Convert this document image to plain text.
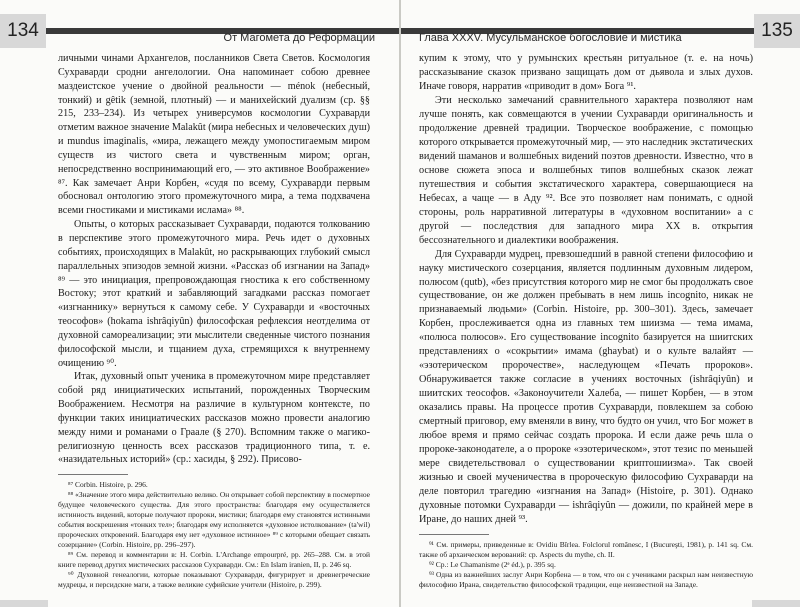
134	От Магомета до Реформации

личными чинами Архангелов, посланников Света Светов. Космология Сухраварди сродни ангелологии. Она напоминает собою древнее маздеистское учение о двойной реальности — ménok (небесный, тонкий) и gêtik (земной, плотный) — и манихейский дуализм (ср. §§ 215, 233–234). Из четырех универсумов космологии Сухраварди отметим важное значение Malakût (мира небесных и человеческих душ) и mundus imaginalis, «мира, лежащего между умопостигаемым миром существ из чистого света и чувственным миром; орган, непосредственно воспринимающий его, — это активное Воображение» ⁸⁷. Как замечает Анри Корбен, «судя по всему, Сухраварди первым обосновал онтологию этого промежуточного мира, а тема подхвачена всеми гностиками и мистиками ислама» ⁸⁸.

Опыты, о которых рассказывает Сухраварди, подаются толкованию в перспективе этого промежуточного мира. Речь идет о духовных событиях, происходящих в Malakût, но раскрывающих глубокий смысл параллельных эпизодов земной жизни. «Рассказ об изгнании на Запад» ⁸⁹ — это инициация, препровождающая гностика к его собственному Востоку; этот краткий и забавляющий загадками рассказ помогает «изгнаннику» вернуться к самому себе. У Сухраварди и «восточных теософов» (hokama ishrâqiyûn) философская рефлексия неотделима от духовной самореализации; эти мыслители сведенные чистого познания философской мысли, и тщанием духа, стремящихся к внутреннему очищению ⁹⁰.

Итак, духовный опыт ученика в промежуточном мире представляет собой ряд инициатических испытаний, порожденных Творческим Воображением. Несмотря на различие в культурном контексте, по функции таких инициатических рассказов можно провести аналогию между ними и романами о Граале (§ 270). Вспомним также о магико-религиозную ценность всех рассказов традиционного типа, т. е. «назидательных историй» (ср.: хасиды, § 292). Присово-

⁸⁷ Corbin. Histoire, p. 296.

⁸⁸ «Значение этого мира действительно велико. Он открывает собой перспективу в посмертное будущее человеческого существа. Для этого пространства: благодаря ему осуществляется истинность видений, которые получают пророки, мистики; благодаря ему становятся истинными события воскрешения «тонких тел»; благодаря ему исполняется «духовное истолкование» (ta'wil) пророческих откровений. Благодаря ему нет «духовное истинное» ⁸⁹ с которыми обещает связать созерцание» (Corbin. Histoire, pp. 296–297).

⁸⁹ См. перевод и комментарии в: H. Corbin. L'Archange empourpré, pp. 265–288. См. в этой книге перевод других мистических рассказов Сухраварди. См.: En Islam iranien, II, p. 246 sq.

⁹⁰ Духовной генеалогии, которые показывают Сухраварди, фигурирует и древнегреческие мудрецы, и персидские маги, а также великие суфийские учители (Histoire, p. 299).

135
Глава XXXV. Мусульманское богословие и мистика

купим к этому, что у румынских крестьян ритуальное (т. е. на ночь) рассказывание сказок призвано защищать дом от дьявола и злых духов. Иначе говоря, нарратив «приводит в дом» Бога ⁹¹.

Эти несколько замечаний сравнительного характера позволяют нам лучше понять, как совмещаются в учении Сухраварди оригинальность и продолжение древней традиции. Творческое воображение, с помощью которого открывается промежуточный мир, — это наследник экстатических видений шаманов и волшебных видений поэтов древности. Известно, что в основе сюжета эпоса и волшебных типов волшебных сказок лежат путешествия и события экстатического характера, совершающиеся на Небесах, а чаще — в Аду ⁹². Все это позволяет нам понимать, с одной стороны, роль нарративной литературы в «духовном воспитании» а с другой — последствия для западного мира XX в. открытия бессознательного и диалектики воображения.

Для Сухраварди мудрец, превзошедший в равной степени философию и науку мистического созерцания, является подлинным духовным лидером, полюсом (qutb), «без присутствия которого мир не смог бы продолжать свое существование, он же должен пребывать в нем лишь incognito, никак не признаваемый людьми» (Corbin. Histoire, pp. 300–301). Здесь, замечает Корбен, прослеживается одна из главных тем шиизма — тема имама, «полюса полюсов». Его существование incognito базируется на шиитских представлениях о «сокрытии» имама (ghaybat) и о культе валайят — «эзотерическом пророчестве», наследующем «Печать пророков». Обнаруживается также согласие в учениях восточных (ishrâqiyûn) и шиитских теософов. «Законоучители Халеба, — пишет Корбен, — в этом оказались правы. На процессе против Сухраварди, повлекшем за собою смертный приговор, ему вменяли в вину, что будто он учил, что Бог может в любое время и прямо сейчас создать пророка. И если даже речь шла о пророке-законодателе, а о пророке «эзотерическом», этот тезис по меньшей мере свидетельствовал о существовании криптошиизма». Так своей жизнью и своей мученичества в пророческую философию Сухраварди на деле повторил трагедию «изгнания на Запад» (Histoire, p. 301). Однако духовные потомки Сухраварди — ishrâqiyûn — дожили, по крайней мере в Иране, до наших дней ⁹³.

⁹¹ См. примеры, приведенные в: Ovidiu Bîrlea. Folclorul românesc, I (Bucureşti, 1981), р. 141 sq. См. также об архаическом верований: ср. Aspects du mythe, ch. II.

⁹² Ср.: Le Chamanisme (2ᵉ éd.), p. 395 sq.

⁹³ Одна из важнейших заслуг Анри Корбена — в том, что он с учениками раскрыл нам неизвестную философию Ирана, свидетельство философской традиции, еще неизвестной на Западе.
